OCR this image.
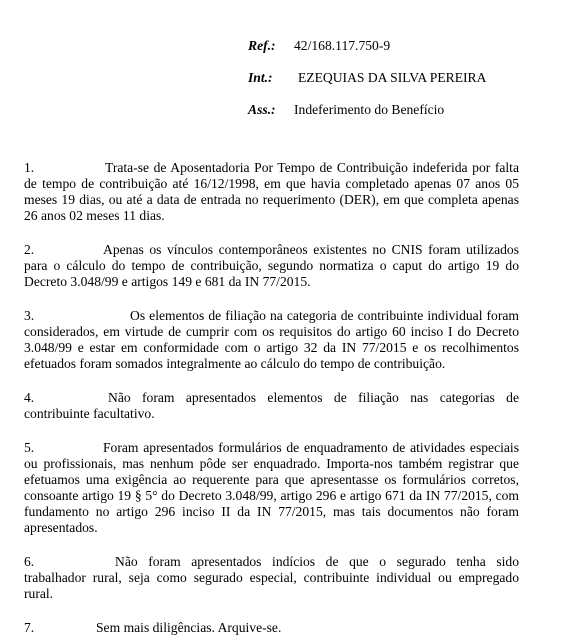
Ref.:	42/168.117.750-9
Int.:	EZEQUIAS DA SILVA PEREIRA
Ass.:	Indeferimento do Benefício

1.	Trata-se de Aposentadoria Por Tempo de Contribuição indeferida por falta de tempo de contribuição até 16/12/1998, em que havia completado apenas 07 anos 05 meses 19 dias, ou até a data de entrada no requerimento (DER), em que completa apenas 26 anos 02 meses 11 dias.

2.	Apenas os vínculos contemporâneos existentes no CNIS foram utilizados para o cálculo do tempo de contribuição, segundo normatiza o caput do artigo 19 do Decreto 3.048/99 e artigos 149 e 681 da IN 77/2015.

3.	Os elementos de filiação na categoria de contribuinte individual foram considerados, em virtude de cumprir com os requisitos do artigo 60 inciso I do Decreto 3.048/99 e estar em conformidade com o artigo 32 da IN 77/2015 e os recolhimentos efetuados foram somados integralmente ao cálculo do tempo de contribuição.

4.	Não foram apresentados elementos de filiação nas categorias de contribuinte facultativo.

5.	Foram apresentados formulários de enquadramento de atividades especiais ou profissionais, mas nenhum pôde ser enquadrado. Importa-nos também registrar que efetuamos uma exigência ao requerente para que apresentasse os formulários corretos, consoante artigo 19 § 5° do Decreto 3.048/99, artigo 296 e artigo 671 da IN 77/2015, com fundamento no artigo 296 inciso II da IN 77/2015, mas tais documentos não foram apresentados.

6.	Não foram apresentados indícios de que o segurado tenha sido trabalhador rural, seja como segurado especial, contribuinte individual ou empregado rural.

7.	Sem mais diligências. Arquive-se.
